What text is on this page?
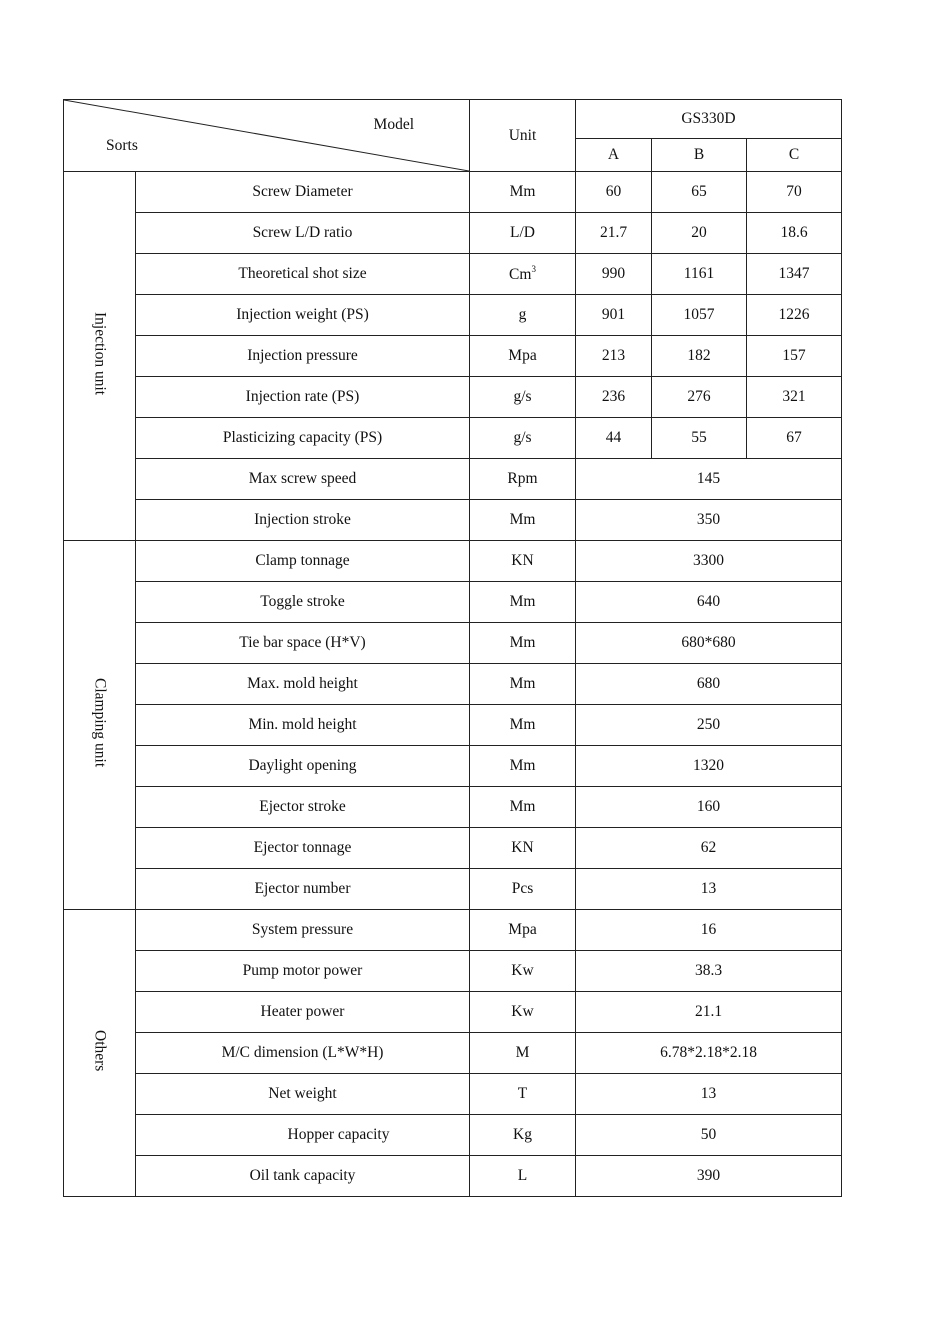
Model
Sorts		Unit	GS330D		
			A	B	C
Injection unit	Screw Diameter	Mm	60	65	70
	Screw L/D ratio	L/D	21.7	20	18.6
	Theoretical shot size	Cm$^3$	990	1161	1347
	Injection weight (PS)	g	901	1057	1226
	Injection pressure	Mpa	213	182	157
	Injection rate (PS)	g/s	236	276	321
	Plasticizing capacity (PS)	g/s	44	55	67
	Max screw speed	Rpm	145		
	Injection stroke	Mm	350		
Clamping unit	Clamp tonnage	KN	3300		
	Toggle stroke	Mm	640		
	Tie bar space (H*V)	Mm	680*680		
	Max. mold height	Mm	680		
	Min. mold height	Mm	250		
	Daylight opening	Mm	1320		
	Ejector stroke	Mm	160		
	Ejector tonnage	KN	62		
	Ejector number	Pcs	13		
Others	System pressure	Mpa	16		
	Pump motor power	Kw	38.3		
	Heater power	Kw	21.1		
	M/C dimension (L*W*H)	M	6.78*2.18*2.18		
	Net weight	T	13		
	Hopper capacity	Kg	50		
	Oil tank capacity	L	390		
